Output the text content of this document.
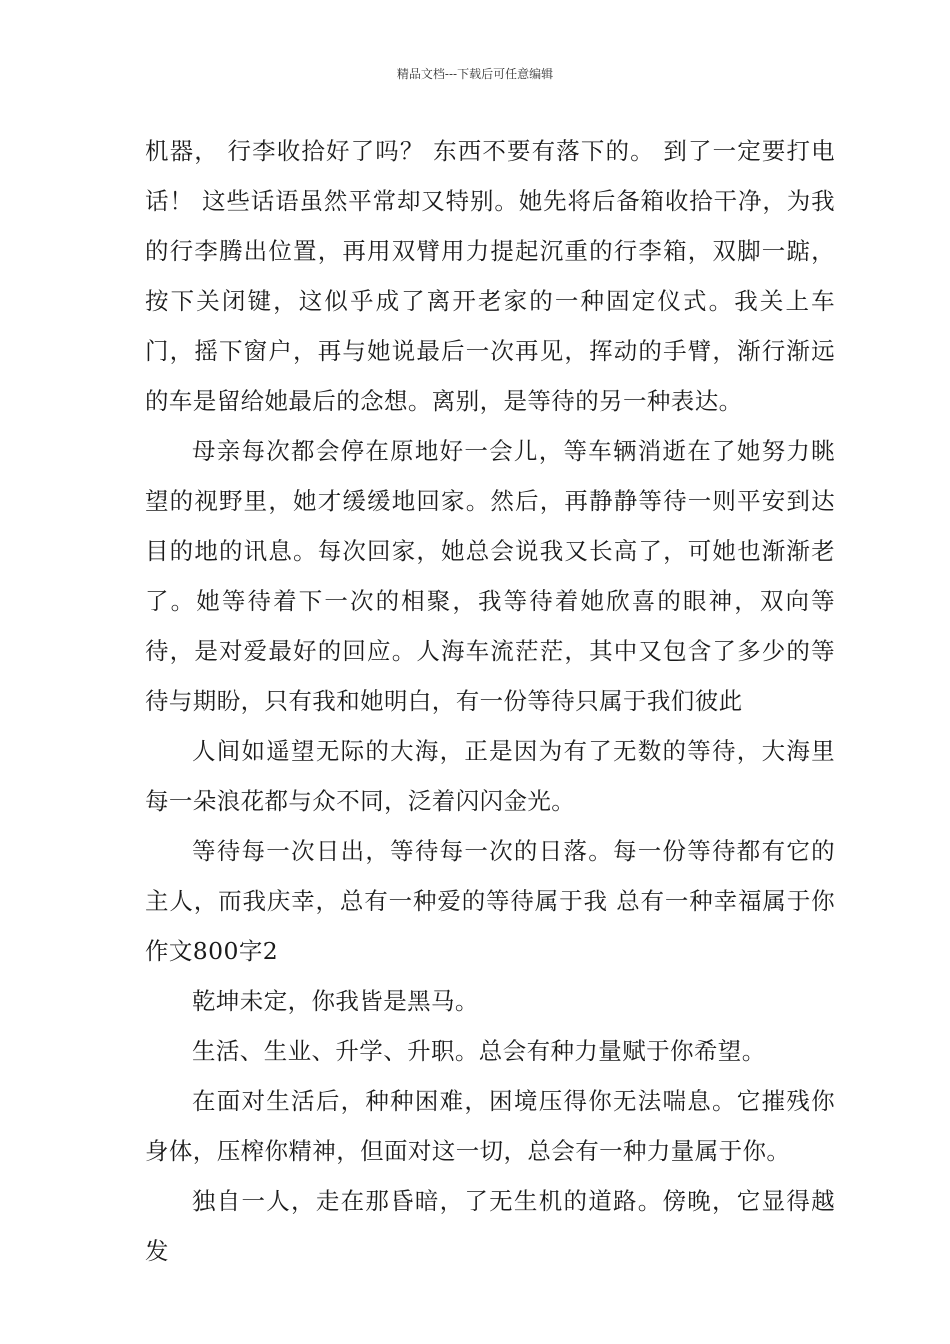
精品文档---下载后可任意编辑

机器， 行李收拾好了吗？ 东西不要有落下的。 到了一定要打电话！ 这些话语虽然平常却又特别。她先将后备箱收拾干净，为我的行李腾出位置，再用双臂用力提起沉重的行李箱，双脚一踮，按下关闭键，这似乎成了离开老家的一种固定仪式。我关上车门，摇下窗户，再与她说最后一次再见，挥动的手臂，渐行渐远的车是留给她最后的念想。离别，是等待的另一种表达。

母亲每次都会停在原地好一会儿，等车辆消逝在了她努力眺望的视野里，她才缓缓地回家。然后，再静静等待一则平安到达目的地的讯息。每次回家，她总会说我又长高了，可她也渐渐老了。她等待着下一次的相聚，我等待着她欣喜的眼神，双向等待，是对爱最好的回应。人海车流茫茫，其中又包含了多少的等待与期盼，只有我和她明白，有一份等待只属于我们彼此

人间如遥望无际的大海，正是因为有了无数的等待，大海里每一朵浪花都与众不同，泛着闪闪金光。

等待每一次日出，等待每一次的日落。每一份等待都有它的主人，而我庆幸，总有一种爱的等待属于我 总有一种幸福属于你作文800字2

乾坤未定，你我皆是黑马。

生活、生业、升学、升职。总会有种力量赋于你希望。

在面对生活后，种种困难，困境压得你无法喘息。它摧残你身体，压榨你精神，但面对这一切，总会有一种力量属于你。

独自一人，走在那昏暗，了无生机的道路。傍晚，它显得越发
